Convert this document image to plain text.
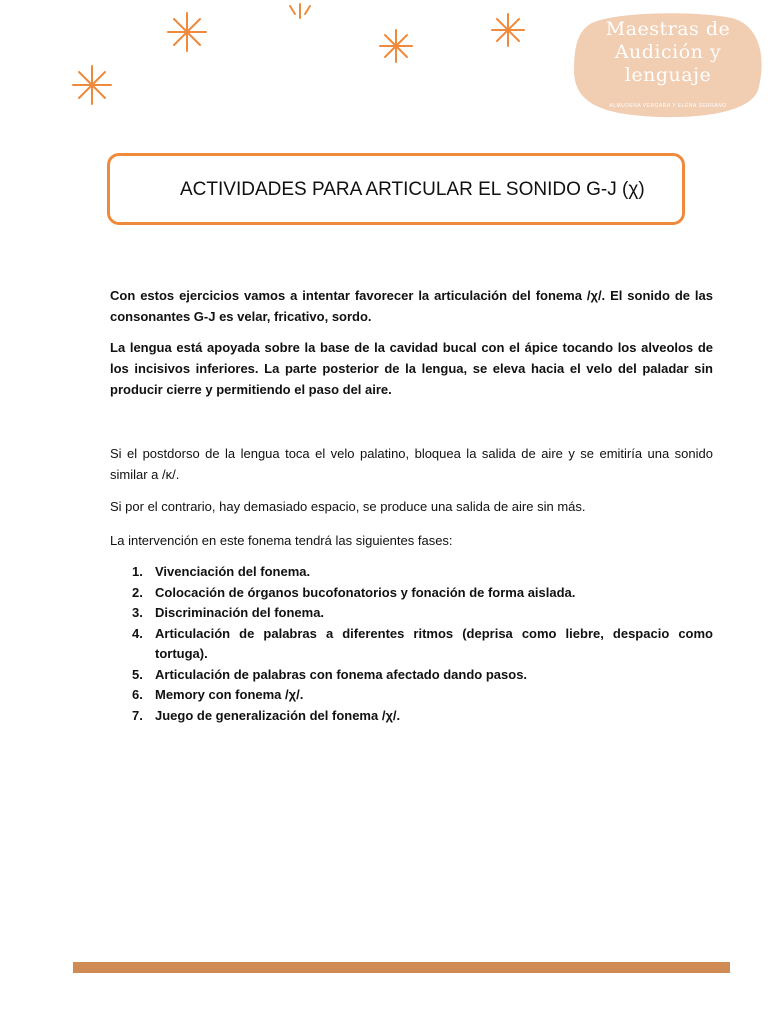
Maestras de
Audición y
lenguaje
ALMUDENA VERGARA Y ELENA SERRANO
ACTIVIDADES PARA ARTICULAR EL SONIDO G-J (χ)

Con estos ejercicios vamos a intentar favorecer la articulación del fonema /χ/. El sonido de las consonantes G-J es velar, fricativo, sordo.

La lengua está apoyada sobre la base de la cavidad bucal con el ápice tocando los alveolos de los incisivos inferiores. La parte posterior de la lengua, se eleva hacia el velo del paladar sin producir cierre y permitiendo el paso del aire.

Si el postdorso de la lengua toca el velo palatino, bloquea la salida de aire y se emitiría una sonido similar a /ĸ/.

Si por el contrario, hay demasiado espacio, se produce una salida de aire sin más.

La intervención en este fonema tendrá las siguientes fases:

1. Vivenciación del fonema.
2. Colocación de órganos bucofonatorios y fonación de forma aislada.
3. Discriminación del fonema.
4. Articulación de palabras a diferentes ritmos (deprisa como liebre, despacio como tortuga).
5. Articulación de palabras con fonema afectado dando pasos.
6. Memory con fonema /χ/.
7. Juego de generalización del fonema /χ/.
